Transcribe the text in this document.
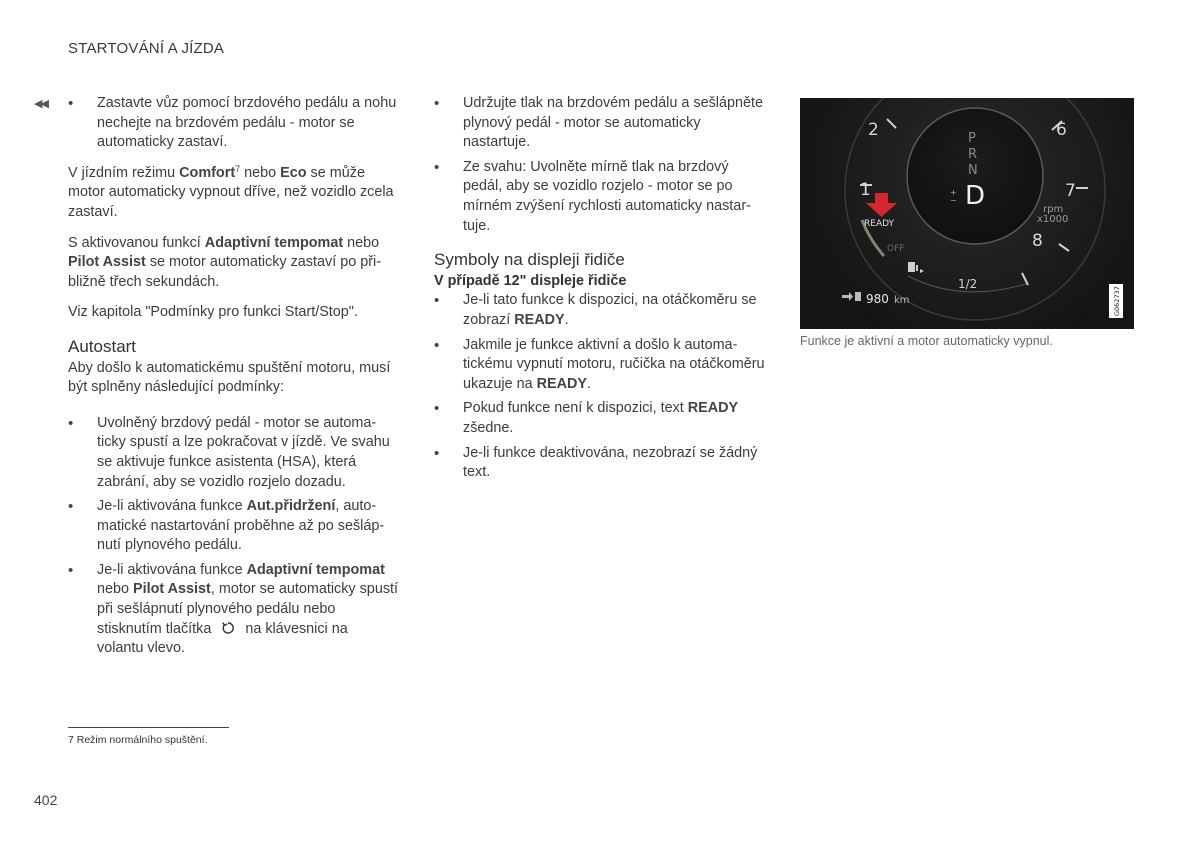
STARTOVÁNÍ A JÍZDA
◀◀
•	Zastavte vůz pomocí brzdového pedálu a nohu nechejte na brzdovém pedálu - motor se automaticky zastaví.

V jízdním režimu Comfort$^7$ nebo Eco se může motor automaticky vypnout dříve, než vozidlo zcela zastaví.

S aktivovanou funkcí Adaptivní tempomat nebo Pilot Assist se motor automaticky zastaví po přibližně třech sekundách.

Viz kapitola "Podmínky pro funkci Start/Stop".

Autostart

Aby došlo k automatickému spuštění motoru, musí být splněny následující podmínky:

• Uvolněný brzdový pedál - motor se automaticky spustí a lze pokračovat v jízdě. Ve svahu se aktivuje funkce asistenta (HSA), která zabrání, aby se vozidlo rozjelo dozadu.
• Je-li aktivována funkce Aut.přidržení, automatické nastartování proběhne až po sešlápnutí plynového pedálu.
• Je-li aktivována funkce Adaptivní tempomat nebo Pilot Assist, motor se automaticky spustí při sešlápnutí plynového pedálu nebo stisknutím tlačítka na klávesnici na volantu vlevo.
• Udržujte tlak na brzdovém pedálu a sešlápněte plynový pedál - motor se automaticky nastartuje.
• Ze svahu: Uvolněte mírně tlak na brzdový pedál, aby se vozidlo rozjelo - motor se po mírném zvýšení rychlosti automaticky nastartuje.
Symboly na displeji řidiče
V případě 12" displeje řidiče
• Je-li tato funkce k dispozici, na otáčkoměru se zobrazí READY.
• Jakmile je funkce aktivní a došlo k automatickému vypnutí motoru, ručička na otáčkoměru ukazuje na READY.
• Pokud funkce není k dispozici, text READY zšedne.
• Je-li funkce deaktivována, nezobrazí se žádný text.
2	6
1	7
8
P
R
N
D
+ −
rpm
x1000
READY
OFF
1/2
980 km	G062737
Funkce je aktivní a motor automaticky vypnul.
7 Režim normálního spuštění.
402
